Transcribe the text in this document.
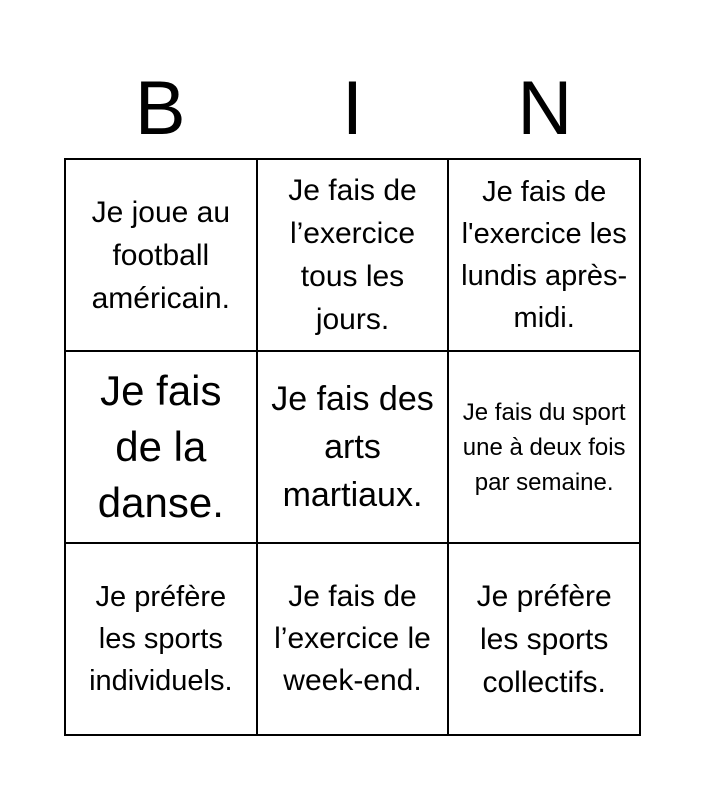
B	I	N
Je joue au football américain.
Je fais de l’exercice tous les jours.
Je fais de l'exercice les lundis après-midi.
Je fais de la danse.
Je fais des arts martiaux.
Je fais du sport une à deux fois par semaine.
Je préfère les sports individuels.
Je fais de l’exercice le week-end.
Je préfère les sports collectifs.
